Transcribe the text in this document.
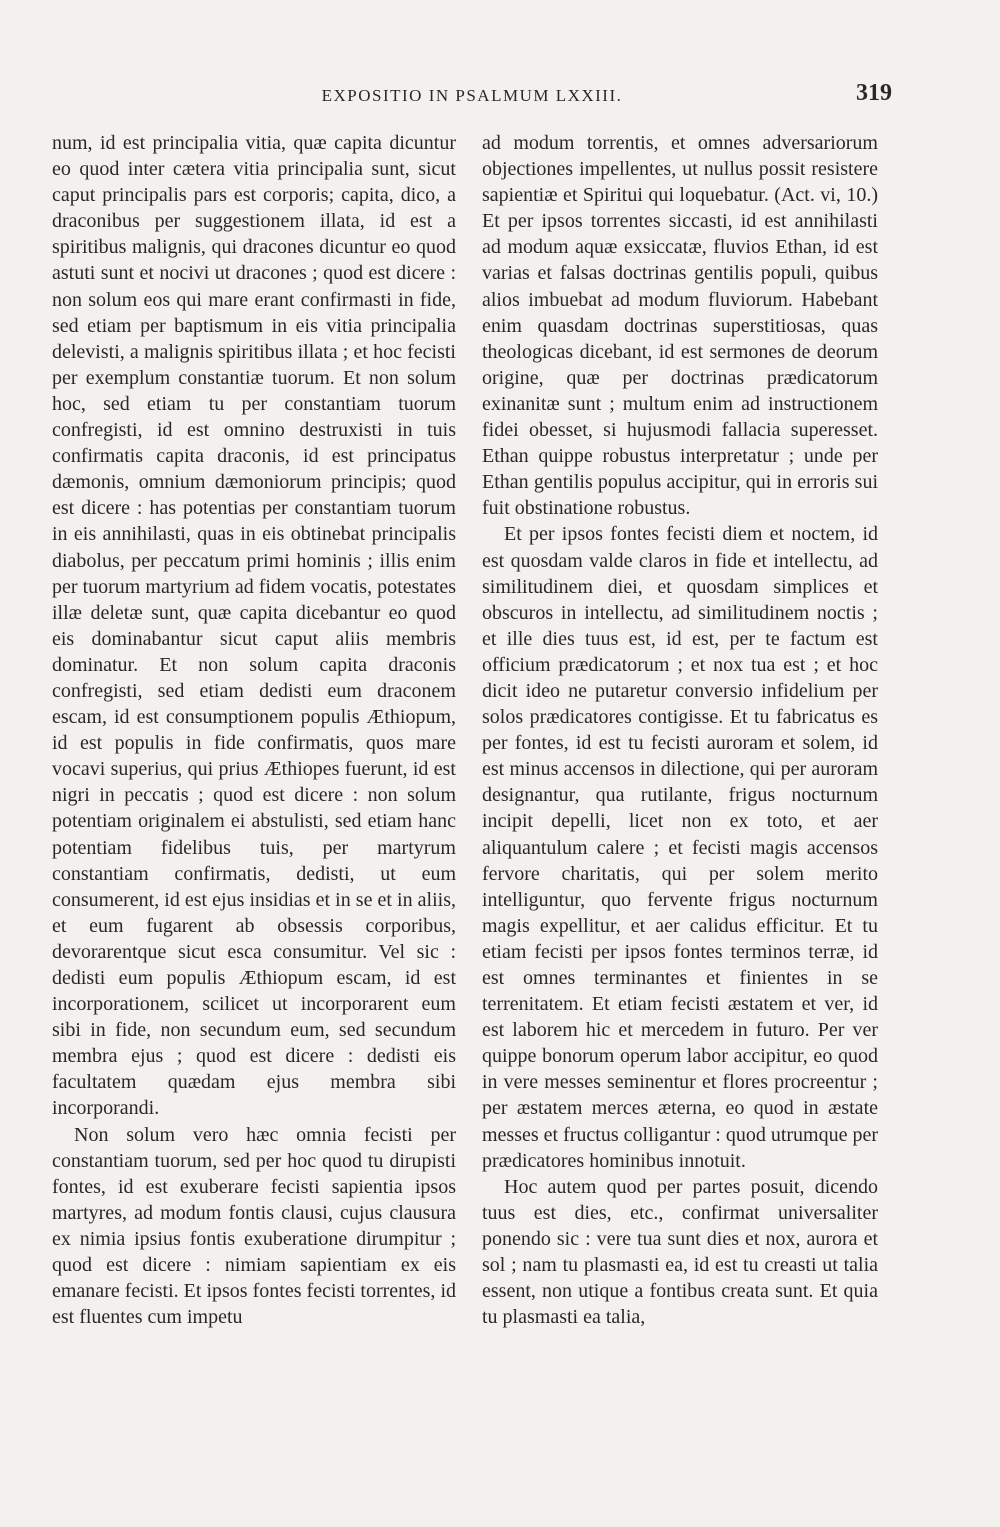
EXPOSITIO IN PSALMUM LXXIII.	319

num, id est principalia vitia, quæ capita dicuntur eo quod inter cætera vitia principalia sunt, sicut caput principalis pars est corporis; capita, dico, a draconibus per suggestionem illata, id est a spiritibus malignis, qui dracones dicuntur eo quod astuti sunt et nocivi ut dracones ; quod est dicere : non solum eos qui mare erant confirmasti in fide, sed etiam per baptismum in eis vitia principalia delevisti, a malignis spiritibus illata ; et hoc fecisti per exemplum constantiæ tuorum. Et non solum hoc, sed etiam tu per constantiam tuorum confregisti, id est omnino destruxisti in tuis confirmatis capita draconis, id est principatus dæmonis, omnium dæmoniorum principis; quod est dicere : has potentias per constantiam tuorum in eis annihilasti, quas in eis obtinebat principalis diabolus, per peccatum primi hominis ; illis enim per tuorum martyrium ad fidem vocatis, potestates illæ deletæ sunt, quæ capita dicebantur eo quod eis dominabantur sicut caput aliis membris dominatur. Et non solum capita draconis confregisti, sed etiam dedisti eum draconem escam, id est consumptionem populis Æthiopum, id est populis in fide confirmatis, quos mare vocavi superius, qui prius Æthiopes fuerunt, id est nigri in peccatis ; quod est dicere : non solum potentiam originalem ei abstulisti, sed etiam hanc potentiam fidelibus tuis, per martyrum constantiam confirmatis, dedisti, ut eum consumerent, id est ejus insidias et in se et in aliis, et eum fugarent ab obsessis corporibus, devorarentque sicut esca consumitur. Vel sic : dedisti eum populis Æthiopum escam, id est incorporationem, scilicet ut incorporarent eum sibi in fide, non secundum eum, sed secundum membra ejus ; quod est dicere : dedisti eis facultatem quædam ejus membra sibi incorporandi.

Non solum vero hæc omnia fecisti per constantiam tuorum, sed per hoc quod tu dirupisti fontes, id est exuberare fecisti sapientia ipsos martyres, ad modum fontis clausi, cujus clausura ex nimia ipsius fontis exuberatione dirumpitur ; quod est dicere : nimiam sapientiam ex eis emanare fecisti. Et ipsos fontes fecisti torrentes, id est fluentes cum impetu

ad modum torrentis, et omnes adversariorum objectiones impellentes, ut nullus possit resistere sapientiæ et Spiritui qui loquebatur. (Act. vi, 10.) Et per ipsos torrentes siccasti, id est annihilasti ad modum aquæ exsiccatæ, fluvios Ethan, id est varias et falsas doctrinas gentilis populi, quibus alios imbuebat ad modum fluviorum. Habebant enim quasdam doctrinas superstitiosas, quas theologicas dicebant, id est sermones de deorum origine, quæ per doctrinas prædicatorum exinanitæ sunt ; multum enim ad instructionem fidei obesset, si hujusmodi fallacia superesset. Ethan quippe robustus interpretatur ; unde per Ethan gentilis populus accipitur, qui in erroris sui fuit obstinatione robustus.

Et per ipsos fontes fecisti diem et noctem, id est quosdam valde claros in fide et intellectu, ad similitudinem diei, et quosdam simplices et obscuros in intellectu, ad similitudinem noctis ; et ille dies tuus est, id est, per te factum est officium prædicatorum ; et nox tua est ; et hoc dicit ideo ne putaretur conversio infidelium per solos prædicatores contigisse. Et tu fabricatus es per fontes, id est tu fecisti auroram et solem, id est minus accensos in dilectione, qui per auroram designantur, qua rutilante, frigus nocturnum incipit depelli, licet non ex toto, et aer aliquantulum calere ; et fecisti magis accensos fervore charitatis, qui per solem merito intelliguntur, quo fervente frigus nocturnum magis expellitur, et aer calidus efficitur. Et tu etiam fecisti per ipsos fontes terminos terræ, id est omnes terminantes et finientes in se terrenitatem. Et etiam fecisti æstatem et ver, id est laborem hic et mercedem in futuro. Per ver quippe bonorum operum labor accipitur, eo quod in vere messes seminentur et flores procreentur ; per æstatem merces æterna, eo quod in æstate messes et fructus colligantur : quod utrumque per prædicatores hominibus innotuit.

Hoc autem quod per partes posuit, dicendo tuus est dies, etc., confirmat universaliter ponendo sic : vere tua sunt dies et nox, aurora et sol ; nam tu plasmasti ea, id est tu creasti ut talia essent, non utique a fontibus creata sunt. Et quia tu plasmasti ea talia,
